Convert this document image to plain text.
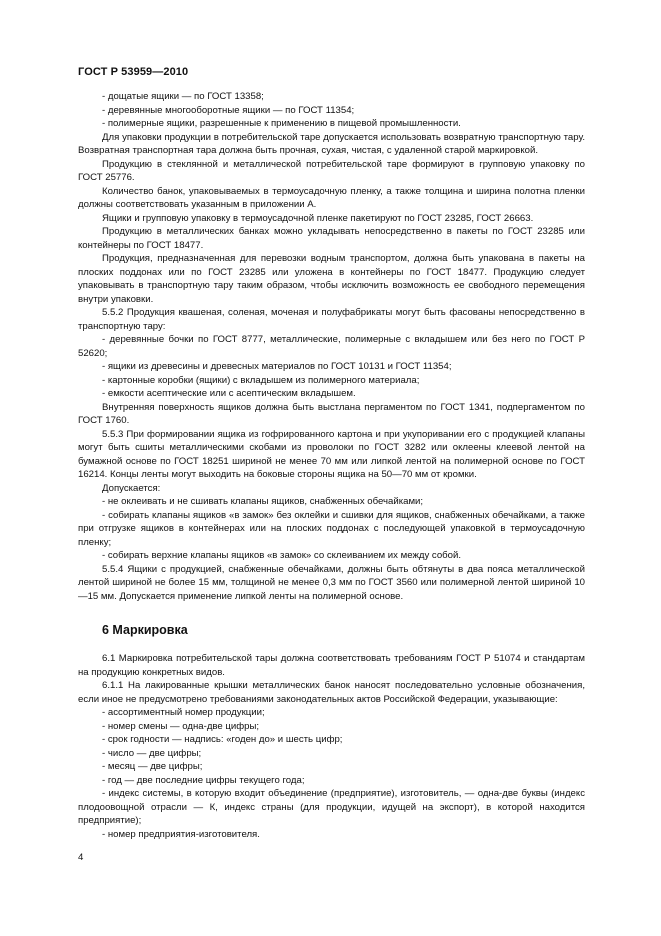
ГОСТ Р 53959—2010

- дощатые ящики — по ГОСТ 13358;

- деревянные многооборотные ящики — по ГОСТ 11354;

- полимерные ящики, разрешенные к применению в пищевой промышленности.

Для упаковки продукции в потребительской таре допускается использовать возвратную транспортную тару. Возвратная транспортная тара должна быть прочная, сухая, чистая, с удаленной старой маркировкой.

Продукцию в стеклянной и металлической потребительской таре формируют в групповую упаковку по ГОСТ 25776.

Количество банок, упаковываемых в термоусадочную пленку, а также толщина и ширина полотна пленки должны соответствовать указанным в приложении А.

Ящики и групповую упаковку в термоусадочной пленке пакетируют по ГОСТ 23285, ГОСТ 26663.

Продукцию в металлических банках можно укладывать непосредственно в пакеты по ГОСТ 23285 или контейнеры по ГОСТ 18477.

Продукция, предназначенная для перевозки водным транспортом, должна быть упакована в пакеты на плоских поддонах или по ГОСТ 23285 или уложена в контейнеры по ГОСТ 18477. Продукцию следует упаковывать в транспортную тару таким образом, чтобы исключить возможность ее свободного перемещения внутри упаковки.

5.5.2 Продукция квашеная, соленая, моченая и полуфабрикаты могут быть фасованы непосредственно в транспортную тару:

- деревянные бочки по ГОСТ 8777, металлические, полимерные с вкладышем или без него по ГОСТ Р 52620;

- ящики из древесины и древесных материалов по ГОСТ 10131 и ГОСТ 11354;

- картонные коробки (ящики) с вкладышем из полимерного материала;

- емкости асептические или с асептическим вкладышем.

Внутренняя поверхность ящиков должна быть выстлана пергаментом по ГОСТ 1341, подпергаментом по ГОСТ 1760.

5.5.3 При формировании ящика из гофрированного картона и при укупоривании его с продукцией клапаны могут быть сшиты металлическими скобами из проволоки по ГОСТ 3282 или оклеены клеевой лентой на бумажной основе по ГОСТ 18251 шириной не менее 70 мм или липкой лентой на полимерной основе по ГОСТ 16214. Концы ленты могут выходить на боковые стороны ящика на 50—70 мм от кромки.

Допускается:

- не оклеивать и не сшивать клапаны ящиков, снабженных обечайками;

- собирать клапаны ящиков «в замок» без оклейки и сшивки для ящиков, снабженных обечайками, а также при отгрузке ящиков в контейнерах или на плоских поддонах с последующей упаковкой в термоусадочную пленку;

- собирать верхние клапаны ящиков «в замок» со склеиванием их между собой.

5.5.4 Ящики с продукцией, снабженные обечайками, должны быть обтянуты в два пояса металлической лентой шириной не более 15 мм, толщиной не менее 0,3 мм по ГОСТ 3560 или полимерной лентой шириной 10—15 мм. Допускается применение липкой ленты на полимерной основе.

6 Маркировка

6.1 Маркировка потребительской тары должна соответствовать требованиям ГОСТ Р 51074 и стандартам на продукцию конкретных видов.

6.1.1 На лакированные крышки металлических банок наносят последовательно условные обозначения, если иное не предусмотрено требованиями законодательных актов Российской Федерации, указывающие:

- ассортиментный номер продукции;

- номер смены — одна-две цифры;

- срок годности — надпись: «годен до» и шесть цифр;

- число — две цифры;

- месяц — две цифры;

- год — две последние цифры текущего года;

- индекс системы, в которую входит объединение (предприятие), изготовитель, — одна-две буквы (индекс плодоовощной отрасли — К, индекс страны (для продукции, идущей на экспорт), в которой находится предприятие);

- номер предприятия-изготовителя.

4
